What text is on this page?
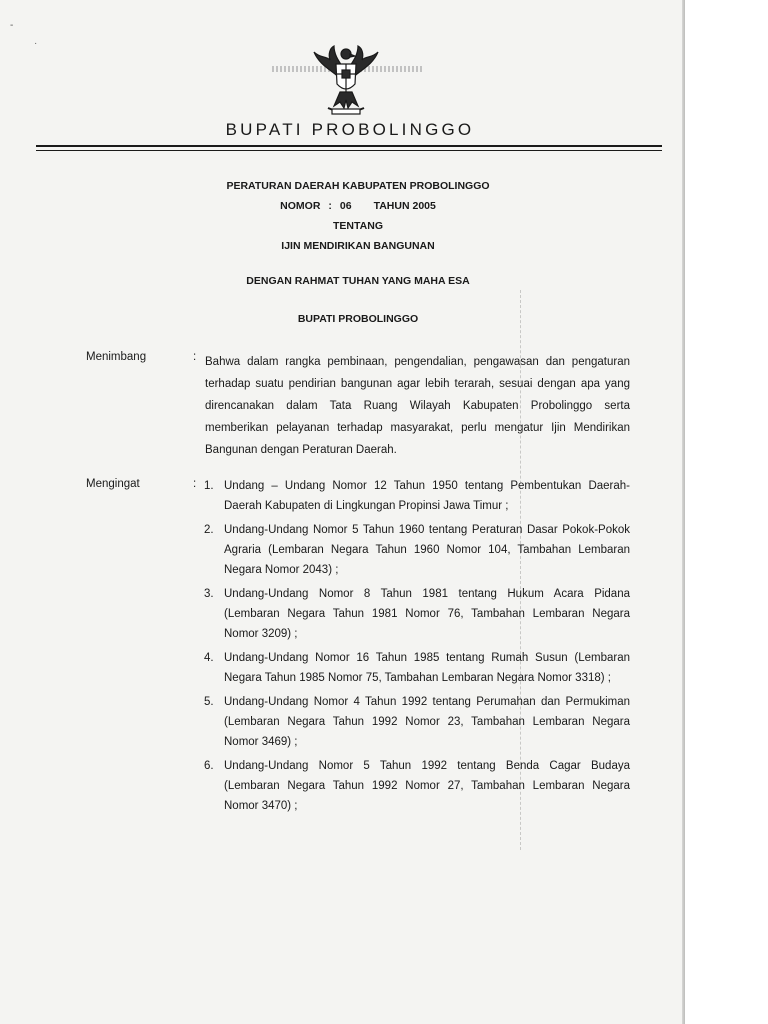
-
·
BUPATI PROBOLINGGO
PERATURAN DAERAH KABUPATEN PROBOLINGGO
NOMOR : 06 TAHUN 2005
TENTANG
IJIN MENDIRIKAN BANGUNAN
DENGAN RAHMAT TUHAN YANG MAHA ESA
BUPATI PROBOLINGGO
Menimbang	: Bahwa dalam rangka pembinaan, pengendalian, pengawasan dan pengaturan terhadap suatu pendirian bangunan agar lebih terarah, sesuai dengan apa yang direncanakan dalam Tata Ruang Wilayah Kabupaten Probolinggo serta memberikan pelayanan terhadap masyarakat, perlu mengatur Ijin Mendirikan Bangunan dengan Peraturan Daerah.
Mengingat	: 1. Undang – Undang Nomor 12 Tahun 1950 tentang Pembentukan Daerah-Daerah Kabupaten di Lingkungan Propinsi Jawa Timur ;
2. Undang-Undang Nomor 5 Tahun 1960 tentang Peraturan Dasar Pokok-Pokok Agraria (Lembaran Negara Tahun 1960 Nomor 104, Tambahan Lembaran Negara Nomor 2043) ;
3. Undang-Undang Nomor 8 Tahun 1981 tentang Hukum Acara Pidana (Lembaran Negara Tahun 1981 Nomor 76, Tambahan Lembaran Negara Nomor 3209) ;
4. Undang-Undang Nomor 16 Tahun 1985 tentang Rumah Susun (Lembaran Negara Tahun 1985 Nomor 75, Tambahan Lembaran Negara Nomor 3318) ;
5. Undang-Undang Nomor 4 Tahun 1992 tentang Perumahan dan Permukiman (Lembaran Negara Tahun 1992 Nomor 23, Tambahan Lembaran Negara Nomor 3469) ;
6. Undang-Undang Nomor 5 Tahun 1992 tentang Benda Cagar Budaya (Lembaran Negara Tahun 1992 Nomor 27, Tambahan Lembaran Negara Nomor 3470) ;
